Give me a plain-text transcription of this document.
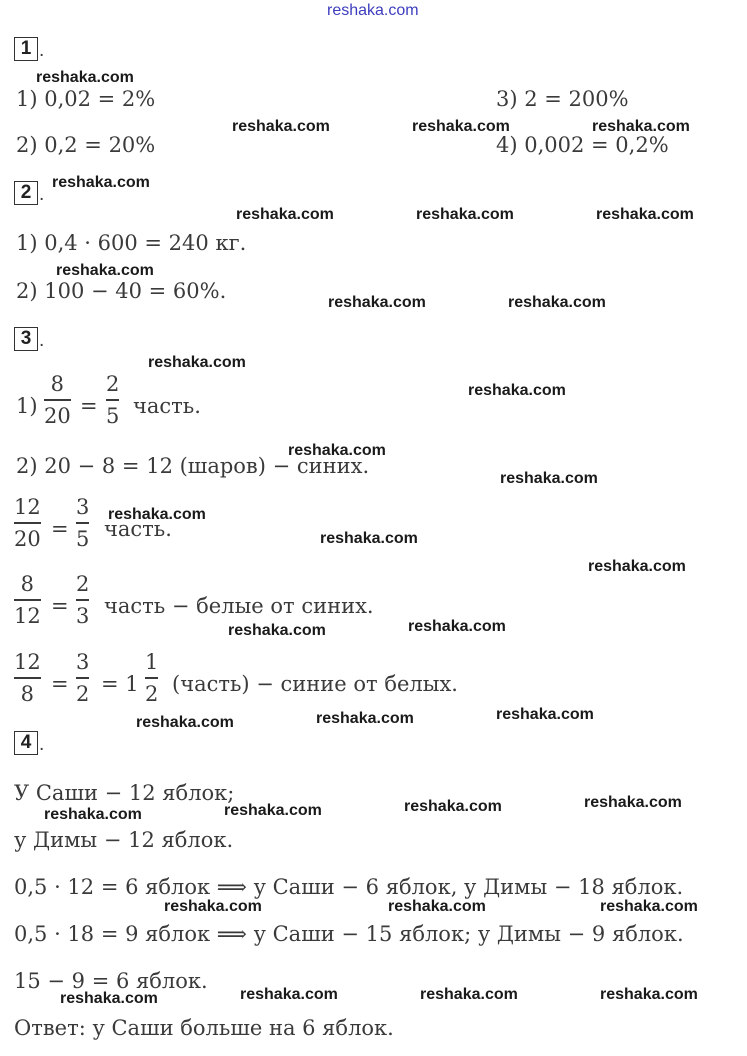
reshaka.com
1 .
1) 0,02 = 2%
2) 0,2 = 20%
3) 2 = 200%
4) 0,002 = 0,2%
2 .
1) 0,4 · 600 = 240 кг.
2) 100 − 40 = 60%.
3 .
1)
8
20 =
2
5 часть.
2) 20 − 8 = 12 (шаров) − синих.
12
20 =
3
5 часть.
8
12 =
2
3 часть − белые от синих.
12
8 =
3
2 = 1
1
2 (часть) − синие от белых.
4 .
У Саши − 12 яблок;
у Димы − 12 яблок.
0,5 · 12 = 6 яблок ⟹ у Саши − 6 яблок, у Димы − 18 яблок.
0,5 · 18 = 9 яблок ⟹ у Саши − 15 яблок; у Димы − 9 яблок.
15 − 9 = 6 яблок.
Ответ: у Саши больше на 6 яблок.
reshaka.com
reshaka.com	reshaka.com	reshaka.com
reshaka.com
reshaka.com	reshaka.com	reshaka.com
reshaka.com
reshaka.com	reshaka.com
reshaka.com
reshaka.com
reshaka.com
reshaka.com
reshaka.com
reshaka.com
reshaka.com
reshaka.com	reshaka.com
reshaka.com	reshaka.com	reshaka.com
reshaka.com	reshaka.com	reshaka.com	reshaka.com
reshaka.com	reshaka.com	reshaka.com
reshaka.com	reshaka.com	reshaka.com	reshaka.com
